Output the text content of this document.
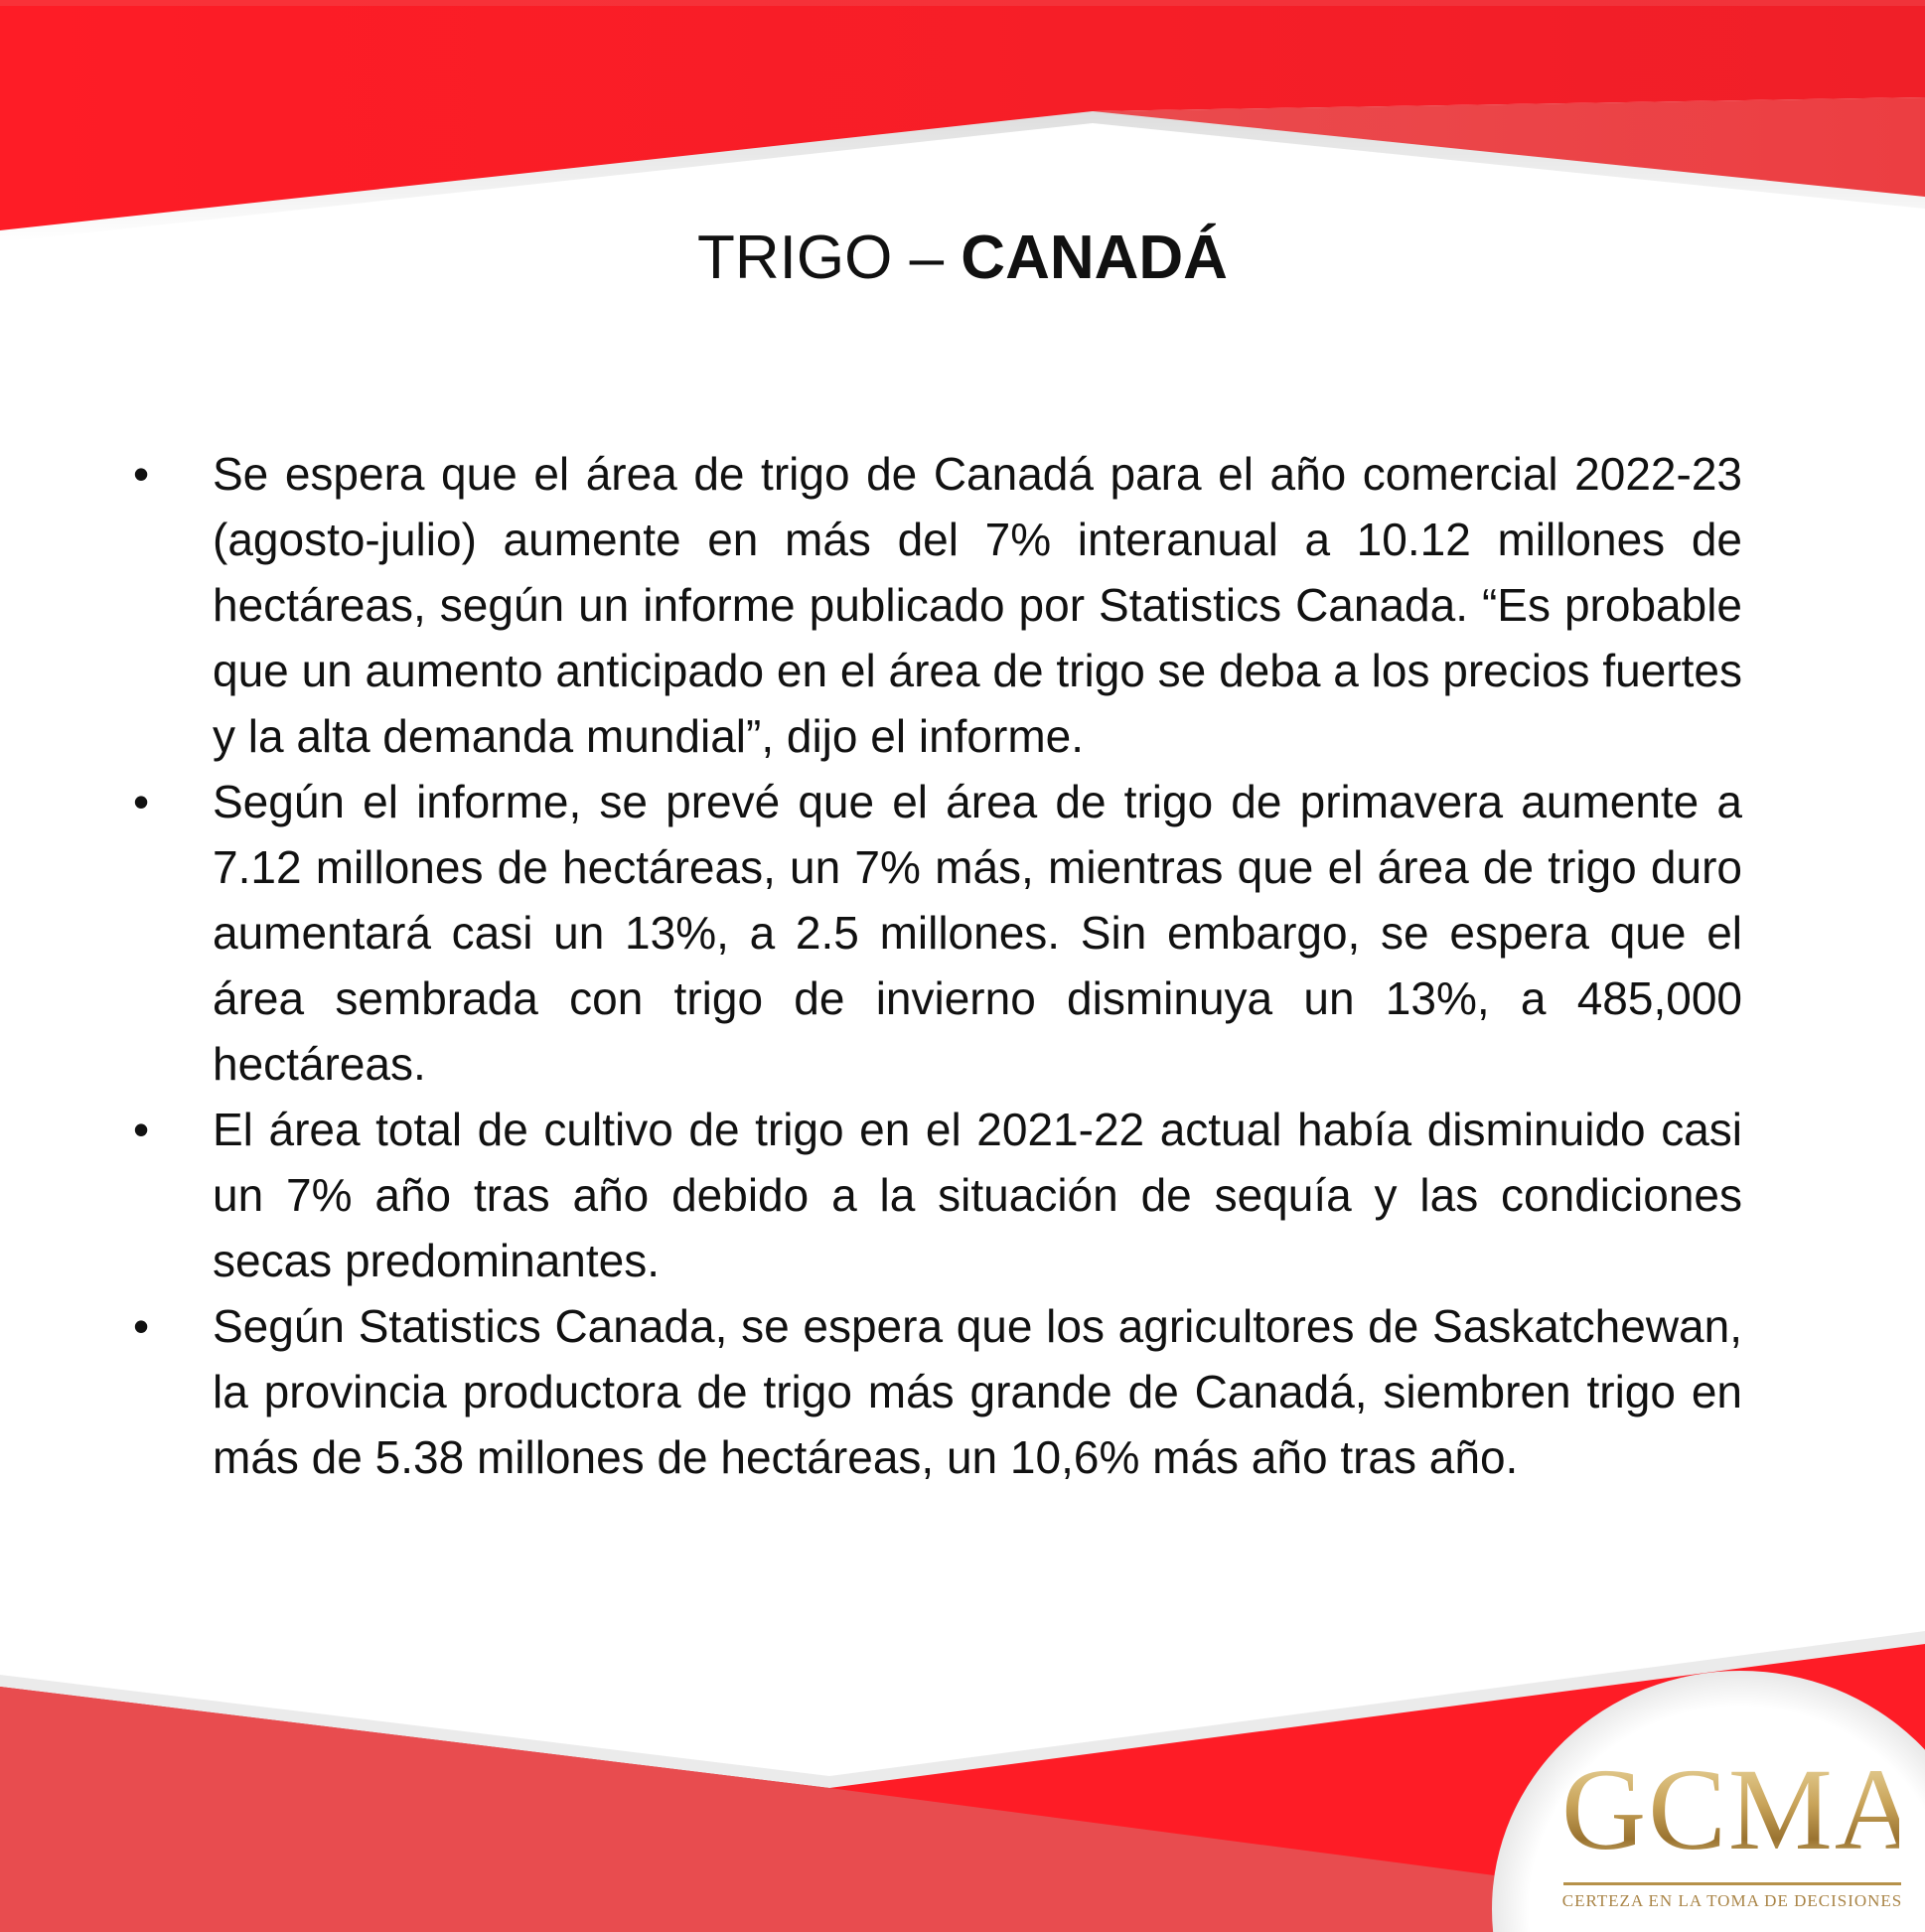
TRIGO – CANADÁ
•	Se espera que el área de trigo de Canadá para el año comercial 2022-23 (agosto-julio) aumente en más del 7% interanual a 10.12 millones de hectáreas, según un informe publicado por Statistics Canada. “Es probable que un aumento anticipado en el área de trigo se deba a los precios fuertes y la alta demanda mundial”, dijo el informe.
•	Según el informe, se prevé que el área de trigo de primavera aumente a 7.12 millones de hectáreas, un 7% más, mientras que el área de trigo duro aumentará casi un 13%, a 2.5 millones. Sin embargo, se espera que el área sembrada con trigo de invierno disminuya un 13%, a 485,000 hectáreas.
•	El área total de cultivo de trigo en el 2021-22 actual había disminuido casi un 7% año tras año debido a la situación de sequía y las condiciones secas predominantes.
•	Según Statistics Canada, se espera que los agricultores de Saskatchewan, la provincia productora de trigo más grande de Canadá, siembren trigo en más de 5.38 millones de hectáreas, un 10,6% más año tras año.
GCMA
CERTEZA EN LA TOMA DE DECISIONES
